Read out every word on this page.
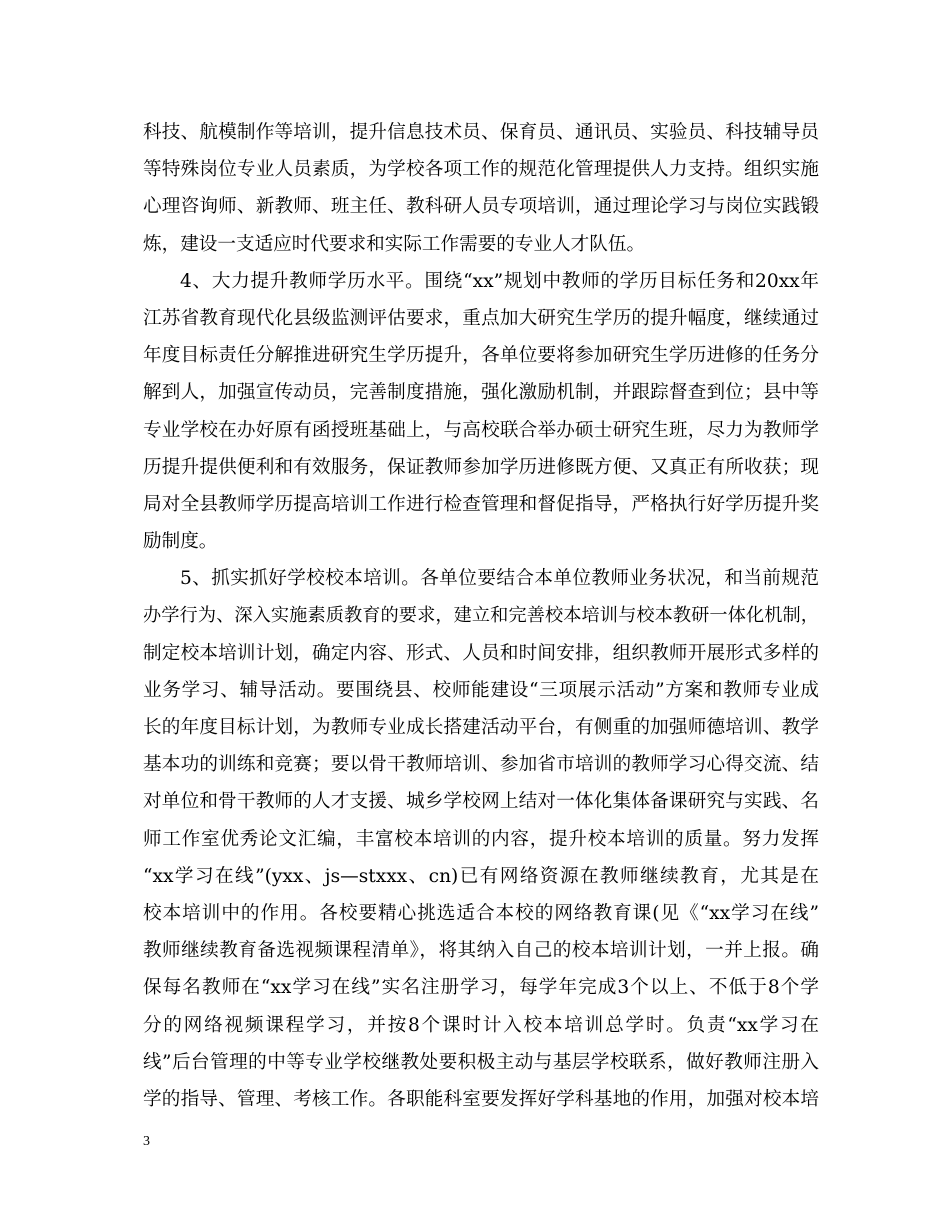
科技、航模制作等培训，提升信息技术员、保育员、通讯员、实验员、科技辅导员
等特殊岗位专业人员素质，为学校各项工作的规范化管理提供人力支持。组织实施
心理咨询师、新教师、班主任、教科研人员专项培训，通过理论学习与岗位实践锻
炼，建设一支适应时代要求和实际工作需要的专业人才队伍。
4、大力提升教师学历水平。围绕“xx”规划中教师的学历目标任务和20xx年
江苏省教育现代化县级监测评估要求，重点加大研究生学历的提升幅度，继续通过
年度目标责任分解推进研究生学历提升，各单位要将参加研究生学历进修的任务分
解到人，加强宣传动员，完善制度措施，强化激励机制，并跟踪督查到位；县中等
专业学校在办好原有函授班基础上，与高校联合举办硕士研究生班，尽力为教师学
历提升提供便利和有效服务，保证教师参加学历进修既方便、又真正有所收获；现
局对全县教师学历提高培训工作进行检查管理和督促指导，严格执行好学历提升奖
励制度。
5、抓实抓好学校校本培训。各单位要结合本单位教师业务状况，和当前规范
办学行为、深入实施素质教育的要求，建立和完善校本培训与校本教研一体化机制，
制定校本培训计划，确定内容、形式、人员和时间安排，组织教师开展形式多样的
业务学习、辅导活动。要围绕县、校师能建设“三项展示活动”方案和教师专业成
长的年度目标计划，为教师专业成长搭建活动平台，有侧重的加强师德培训、教学
基本功的训练和竞赛；要以骨干教师培训、参加省市培训的教师学习心得交流、结
对单位和骨干教师的人才支援、城乡学校网上结对一体化集体备课研究与实践、名
师工作室优秀论文汇编，丰富校本培训的内容，提升校本培训的质量。努力发挥
“xx学习在线”(yxx、js—stxxx、cn)已有网络资源在教师继续教育，尤其是在
校本培训中的作用。各校要精心挑选适合本校的网络教育课(见《“xx学习在线”
教师继续教育备选视频课程清单》，将其纳入自己的校本培训计划，一并上报。确
保每名教师在“xx学习在线”实名注册学习，每学年完成3个以上、不低于8个学
分的网络视频课程学习，并按8个课时计入校本培训总学时。负责“xx学习在
线”后台管理的中等专业学校继教处要积极主动与基层学校联系，做好教师注册入
学的指导、管理、考核工作。各职能科室要发挥好学科基地的作用，加强对校本培
3
